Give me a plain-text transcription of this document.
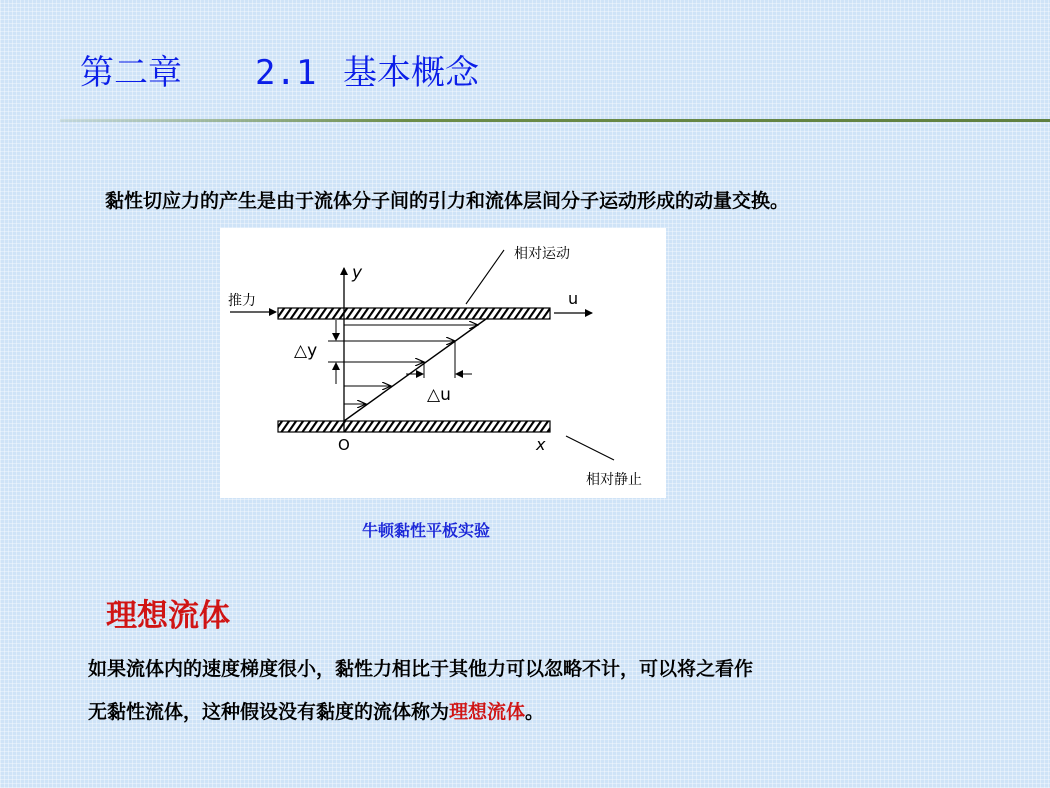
第二章 2.1 基本概念
黏性切应力的产生是由于流体分子间的引力和流体层间分子运动形成的动量交换。
y
推力	u
相对运动
△y
△u
O	x
相对静止
牛顿黏性平板实验
理想流体
如果流体内的速度梯度很小，黏性力相比于其他力可以忽略不计，可以将之看作
无黏性流体，这种假设没有黏度的流体称为理想流体。
